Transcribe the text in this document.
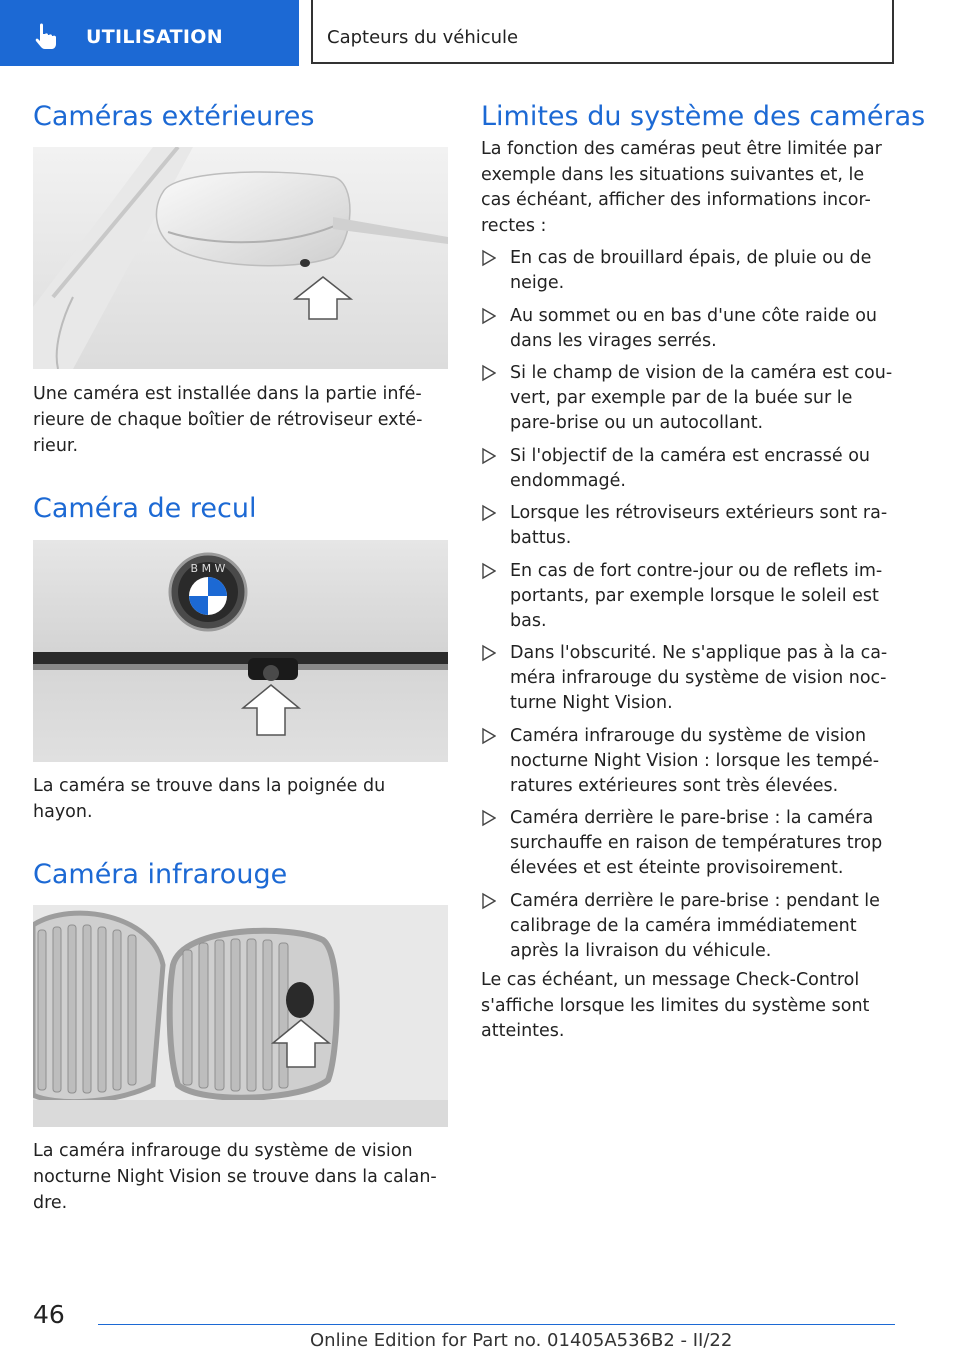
UTILISATION	Capteurs du véhicule
Caméras extérieures

Une caméra est installée dans la partie infé-
rieure de chaque boîtier de rétroviseur exté-
rieur.

Caméra de recul
B M W

La caméra se trouve dans la poignée du
hayon.

Caméra infrarouge

La caméra infrarouge du système de vision
nocturne Night Vision se trouve dans la calan-
dre.

Limites du système des caméras

La fonction des caméras peut être limitée par
exemple dans les situations suivantes et, le
cas échéant, afficher des informations incor-
rectes :

En cas de brouillard épais, de pluie ou de
neige.
Au sommet ou en bas d'une côte raide ou
dans les virages serrés.
Si le champ de vision de la caméra est cou-
vert, par exemple par de la buée sur le
pare-brise ou un autocollant.
Si l'objectif de la caméra est encrassé ou
endommagé.
Lorsque les rétroviseurs extérieurs sont ra-
battus.
En cas de fort contre-jour ou de reflets im-
portants, par exemple lorsque le soleil est
bas.
Dans l'obscurité. Ne s'applique pas à la ca-
méra infrarouge du système de vision noc-
turne Night Vision.
Caméra infrarouge du système de vision
nocturne Night Vision : lorsque les tempé-
ratures extérieures sont très élevées.
Caméra derrière le pare-brise : la caméra
surchauffe en raison de températures trop
élevées et est éteinte provisoirement.
Caméra derrière le pare-brise : pendant le
calibrage de la caméra immédiatement
après la livraison du véhicule.

Le cas échéant, un message Check-Control
s'affiche lorsque les limites du système sont
atteintes.

46
Online Edition for Part no. 01405A536B2 - II/22
